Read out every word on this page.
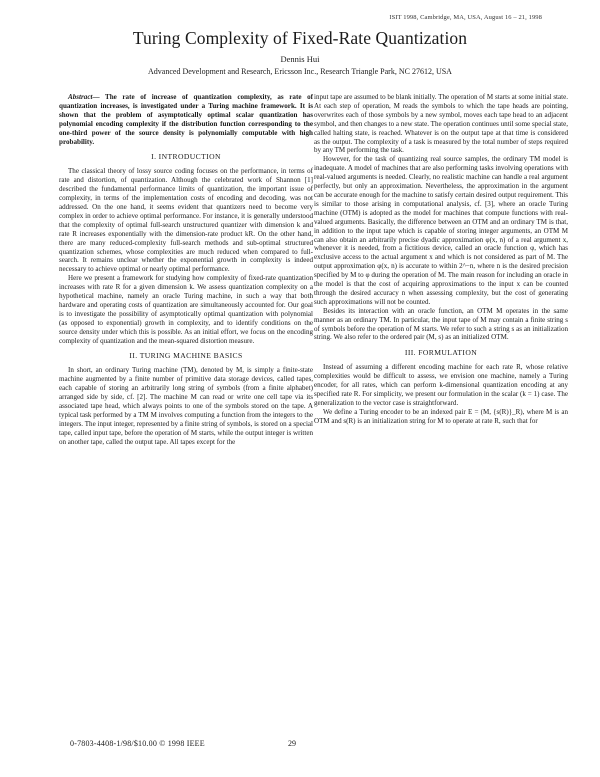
ISIT 1998, Cambridge, MA, USA, August 16 – 21, 1998
Turing Complexity of Fixed-Rate Quantization
Dennis Hui
Advanced Development and Research, Ericsson Inc., Research Triangle Park, NC 27612, USA

Abstract— The rate of increase of quantization complexity, as rate of quantization increases, is investigated under a Turing machine framework. It is shown that the problem of asymptotically optimal scalar quantization has polynomial encoding complexity if the distribution function corresponding to the one-third power of the source density is polynomially computable with high probability.

I. INTRODUCTION

The classical theory of lossy source coding focuses on the performance, in terms of rate and distortion, of quantization. Although the celebrated work of Shannon [1] described the fundamental performance limits of quantization, the important issue of complexity, in terms of the implementation costs of encoding and decoding, was not addressed. On the one hand, it seems evident that quantizers need to become very complex in order to achieve optimal performance. For instance, it is generally understood that the complexity of optimal full-search unstructured quantizer with dimension k and rate R increases exponentially with the dimension-rate product kR. On the other hand, there are many reduced-complexity full-search methods and sub-optimal structured quantization schemes, whose complexities are much reduced when compared to full-search. It remains unclear whether the exponential growth in complexity is indeed necessary to achieve optimal or nearly optimal performance.

Here we present a framework for studying how complexity of fixed-rate quantization increases with rate R for a given dimension k. We assess quantization complexity on a hypothetical machine, namely an oracle Turing machine, in such a way that both hardware and operating costs of quantization are simultaneously accounted for. Our goal is to investigate the possibility of asymptotically optimal quantization with polynomial (as opposed to exponential) growth in complexity, and to identify conditions on the source density under which this is possible. As an initial effort, we focus on the encoding complexity of quantization and the mean-squared distortion measure.

II. TURING MACHINE BASICS

In short, an ordinary Turing machine (TM), denoted by M, is simply a finite-state machine augmented by a finite number of primitive data storage devices, called tapes, each capable of storing an arbitrarily long string of symbols (from a finite alphabet) arranged side by side, cf. [2]. The machine M can read or write one cell tape via its associated tape head, which always points to one of the symbols stored on the tape. A typical task performed by a TM M involves computing a function from the integers to the integers. The input integer, represented by a finite string of symbols, is stored on a special tape, called input tape, before the operation of M starts, while the output integer is written on another tape, called the output tape. All tapes except for the

input tape are assumed to be blank initially. The operation of M starts at some initial state. At each step of operation, M reads the symbols to which the tape heads are pointing, overwrites each of those symbols by a new symbol, moves each tape head to an adjacent symbol, and then changes to a new state. The operation continues until some special state, called halting state, is reached. Whatever is on the output tape at that time is considered as the output. The complexity of a task is measured by the total number of steps required by any TM performing the task.

However, for the task of quantizing real source samples, the ordinary TM model is inadequate. A model of machines that are also performing tasks involving operations with real-valued arguments is needed. Clearly, no realistic machine can handle a real argument perfectly, but only an approximation. Nevertheless, the approximation in the argument can be accurate enough for the machine to satisfy certain desired output requirement. This is similar to those arising in computational analysis, cf. [3], where an oracle Turing machine (OTM) is adopted as the model for machines that compute functions with real-valued arguments. Basically, the difference between an OTM and an ordinary TM is that, in addition to the input tape which is capable of storing integer arguments, an OTM M can also obtain an arbitrarily precise dyadic approximation φ(x, n) of a real argument x, whenever it is needed, from a fictitious device, called an oracle function φ, which has exclusive access to the actual argument x and which is not considered as part of M. The output approximation φ(x, n) is accurate to within 2^−n, where n is the desired precision specified by M to φ during the operation of M. The main reason for including an oracle in the model is that the cost of acquiring approximations to the input x can be counted through the desired accuracy n when assessing complexity, but the cost of generating such approximations will not be counted.

Besides its interaction with an oracle function, an OTM M operates in the same manner as an ordinary TM. In particular, the input tape of M may contain a finite string s of symbols before the operation of M starts. We refer to such a string s as an initialization string. We also refer to the ordered pair (M, s) as an initialized OTM.

III. FORMULATION

Instead of assuming a different encoding machine for each rate R, whose relative complexities would be difficult to assess, we envision one machine, namely a Turing encoder, for all rates, which can perform k-dimensional quantization encoding at any specified rate R. For simplicity, we present our formulation in the scalar (k = 1) case. The generalization to the vector case is straightforward.

We define a Turing encoder to be an indexed pair E = (M, {s(R)}_R), where M is an OTM and s(R) is an initialization string for M to operate at rate R, such that for

0-7803-4408-1/98/$10.00 © 1998 IEEE	29
